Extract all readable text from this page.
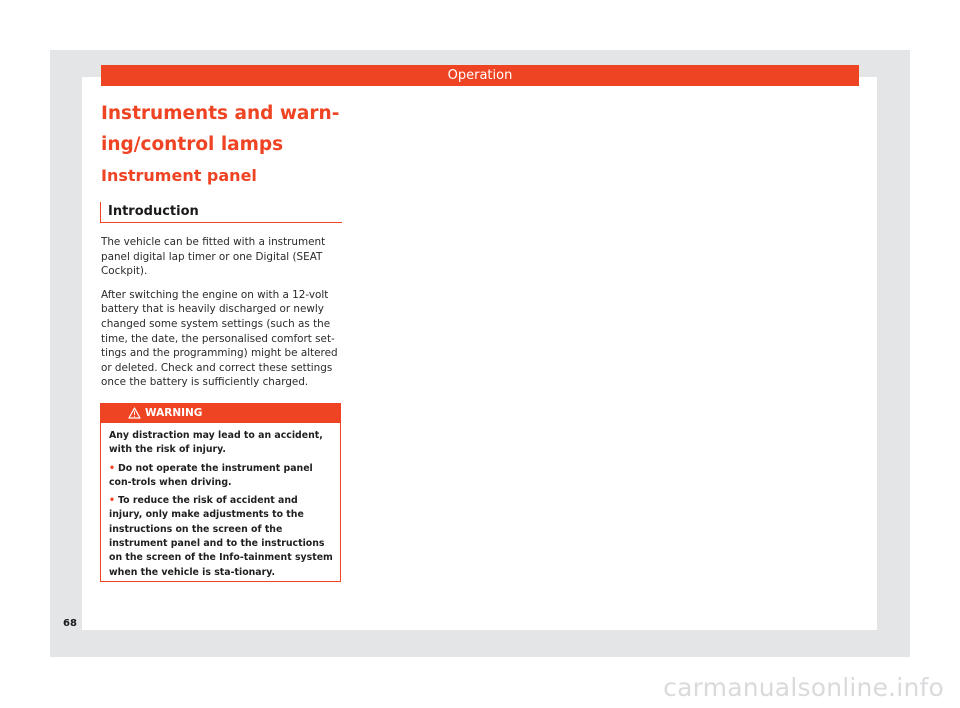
Operation
Instruments and warn-
ing/control lamps
Instrument panel
Introduction

The vehicle can be fitted with a instrument panel digital lap timer or one Digital (SEAT Cockpit).

After switching the engine on with a 12-volt battery that is heavily discharged or newly changed some system settings (such as the time, the date, the personalised comfort set-tings and the programming) might be altered or deleted. Check and correct these settings once the battery is sufficiently charged.

WARNING

Any distraction may lead to an accident, with the risk of injury.

• Do not operate the instrument panel con-trols when driving.

• To reduce the risk of accident and injury, only make adjustments to the instructions on the screen of the instrument panel and to the instructions on the screen of the Info-tainment system when the vehicle is sta-tionary.

68
carmanualsonline.info
